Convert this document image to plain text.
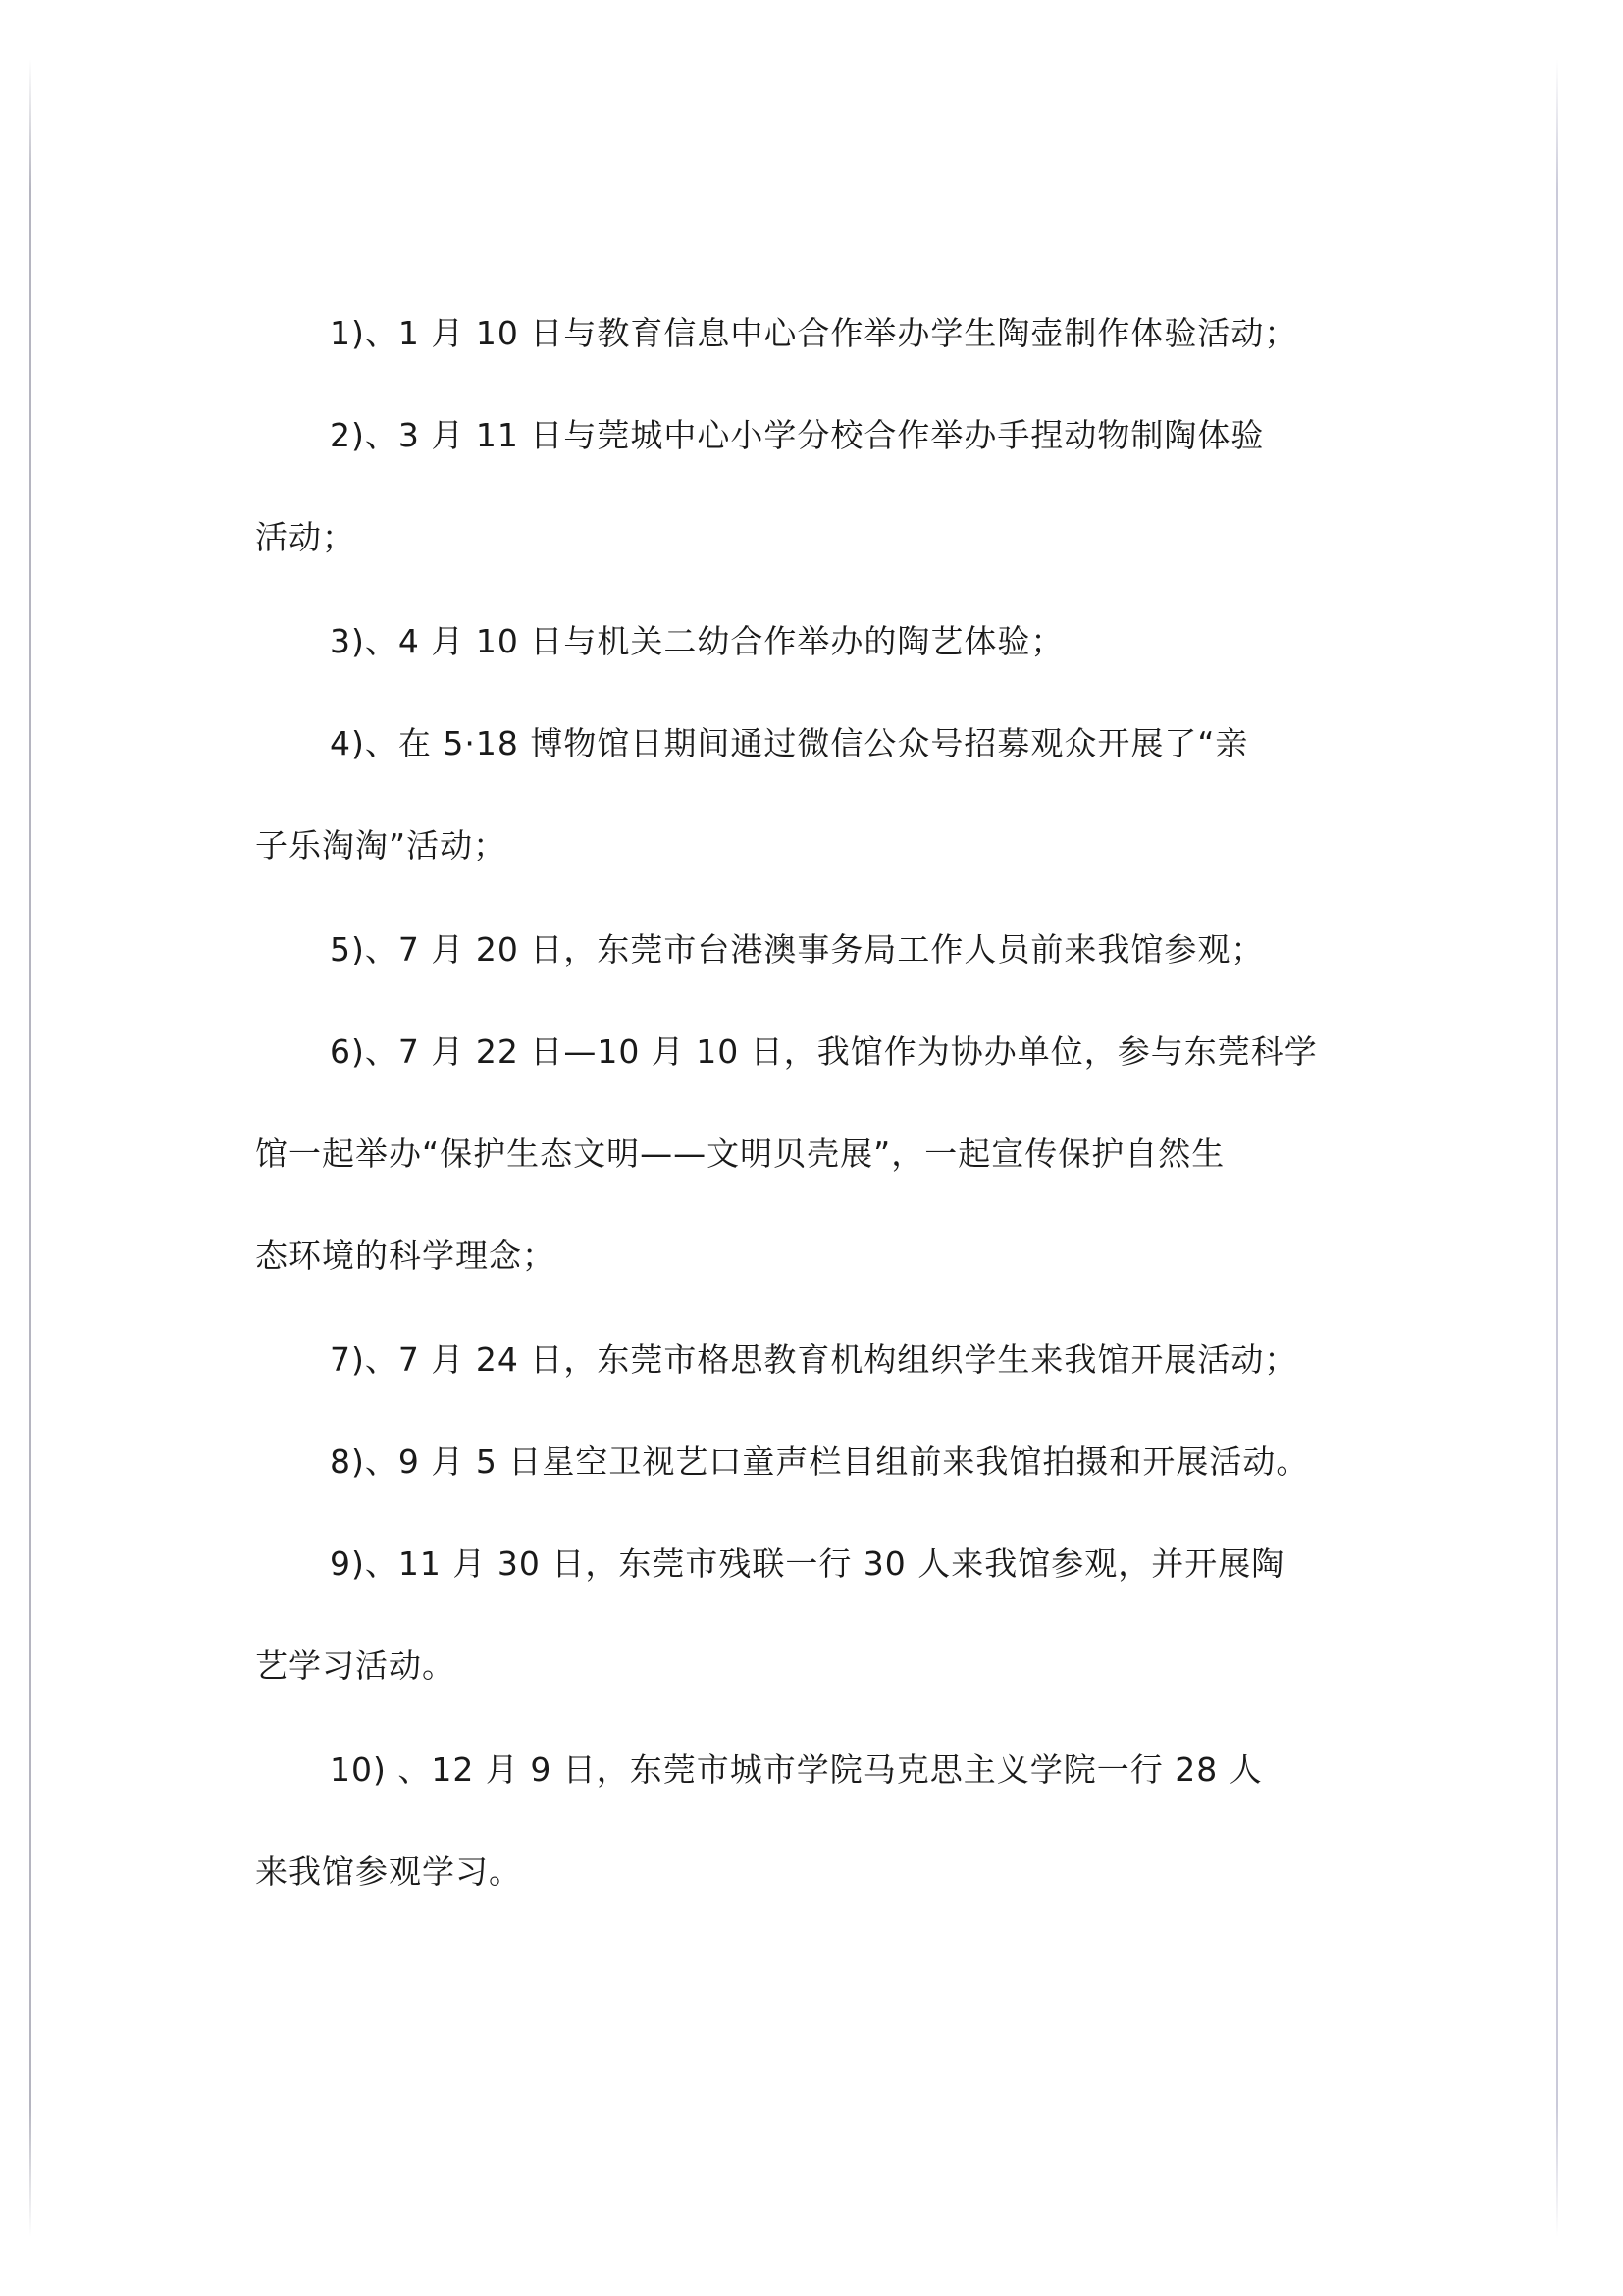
1)、1 月 10 日与教育信息中心合作举办学生陶壶制作体验活动；
2)、3 月 11 日与莞城中心小学分校合作举办手捏动物制陶体验
活动；
3)、4 月 10 日与机关二幼合作举办的陶艺体验；
4)、在 5·18 博物馆日期间通过微信公众号招募观众开展了“亲
子乐淘淘”活动；
5)、7 月 20 日，东莞市台港澳事务局工作人员前来我馆参观；
6)、7 月 22 日—10 月 10 日，我馆作为协办单位，参与东莞科学
馆一起举办“保护生态文明——文明贝壳展”，一起宣传保护自然生
态环境的科学理念；
7)、7 月 24 日，东莞市格思教育机构组织学生来我馆开展活动；
8)、9 月 5 日星空卫视艺口童声栏目组前来我馆拍摄和开展活动。
9)、11 月 30 日，东莞市残联一行 30 人来我馆参观，并开展陶
艺学习活动。
10) 、12 月 9 日，东莞市城市学院马克思主义学院一行 28 人
来我馆参观学习。
